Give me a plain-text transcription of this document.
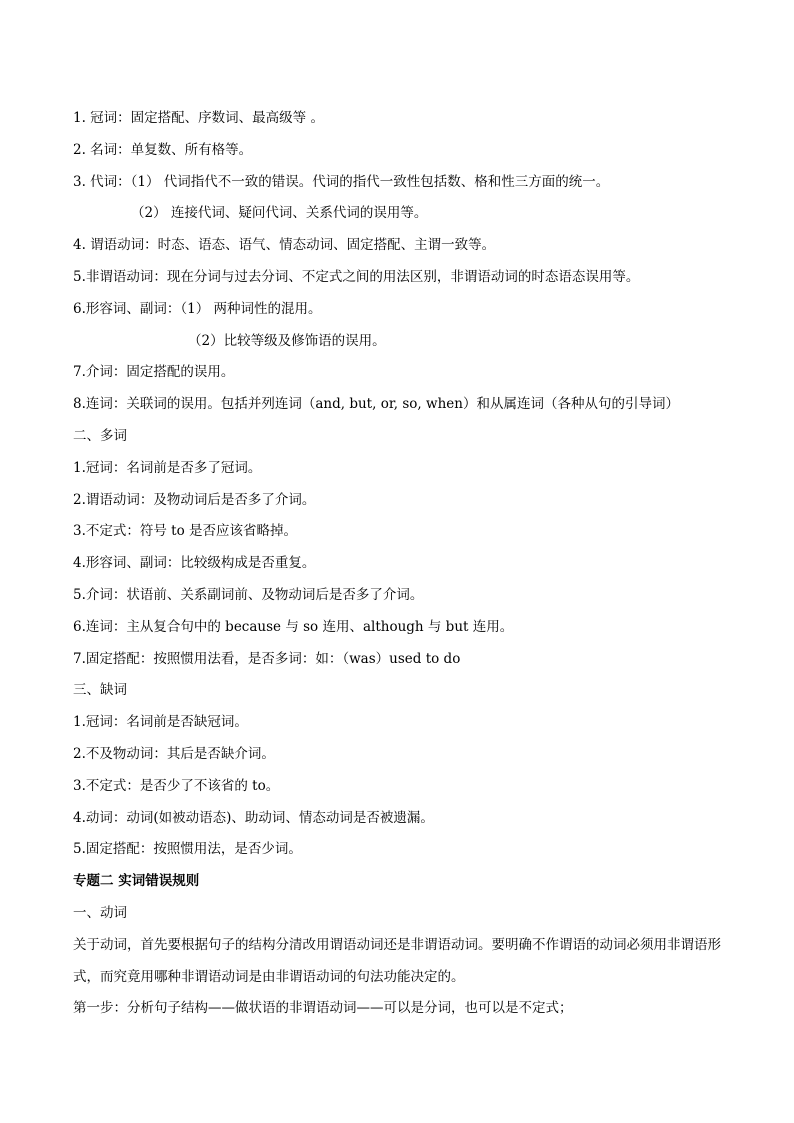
1. 冠词：固定搭配、序数词、最高级等 。
2. 名词：单复数、所有格等。
3. 代词：（1） 代词指代不一致的错误。代词的指代一致性包括数、格和性三方面的统一。
（2） 连接代词、疑问代词、关系代词的误用等。
4. 谓语动词：时态、语态、语气、情态动词、固定搭配、主谓一致等。
5.非谓语动词：现在分词与过去分词、不定式之间的用法区别，非谓语动词的时态语态误用等。
6.形容词、副词：（1） 两种词性的混用。
（2）比较等级及修饰语的误用。
7.介词：固定搭配的误用。
8.连词：关联词的误用。包括并列连词（and, but, or, so, when）和从属连词（各种从句的引导词）
二、多词
1.冠词：名词前是否多了冠词。
2.谓语动词：及物动词后是否多了介词。
3.不定式：符号 to 是否应该省略掉。
4.形容词、副词：比较级构成是否重复。
5.介词：状语前、关系副词前、及物动词后是否多了介词。
6.连词：主从复合句中的 because 与 so 连用、although 与 but 连用。
7.固定搭配：按照惯用法看，是否多词：如：（was）used to do
三、缺词
1.冠词：名词前是否缺冠词。
2.不及物动词：其后是否缺介词。
3.不定式：是否少了不该省的 to。
4.动词：动词(如被动语态)、助动词、情态动词是否被遗漏。
5.固定搭配：按照惯用法，是否少词。
专题二 实词错误规则
一、动词
关于动词，首先要根据句子的结构分清改用谓语动词还是非谓语动词。要明确不作谓语的动词必须用非谓语形式，而究竟用哪种非谓语动词是由非谓语动词的句法功能决定的。
第一步：分析句子结构——做状语的非谓语动词——可以是分词，也可以是不定式；
